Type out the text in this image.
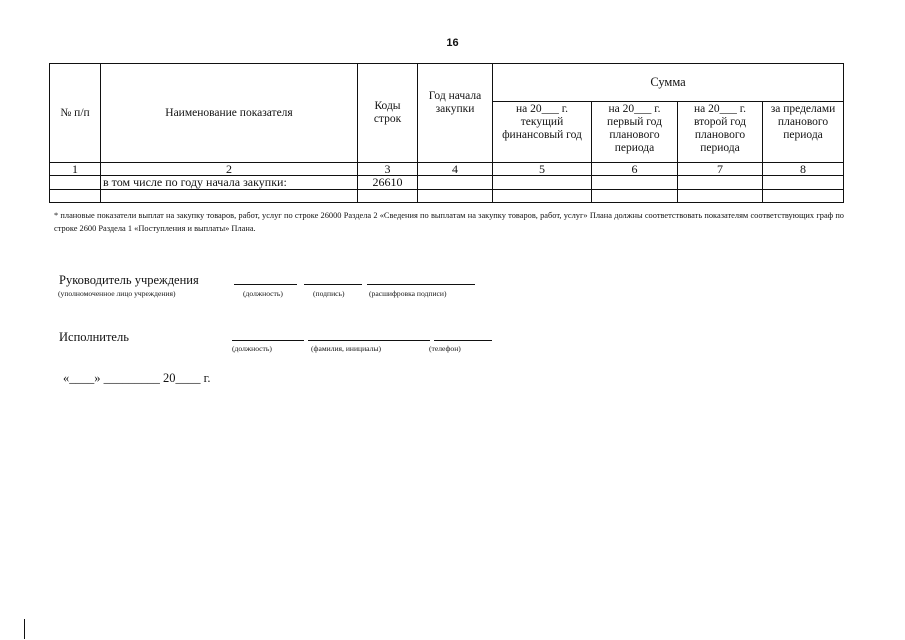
16
№ п/п	Наименование показателя	Коды строк	Год начала закупки	Сумма			
				на 20___ г. текущий финансовый год	на 20___ г. первый год планового периода	на 20___ г. второй год планового периода	за пределами планового периода
1	2	3	4	5	6	7	8
	в том числе по году начала закупки:	26610					

* плановые показатели выплат на закупку товаров, работ, услуг по строке 26000 Раздела 2 «Сведения по выплатам на закупку товаров, работ, услуг» Плана должны соответствовать показателям соответствующих граф по строке 2600 Раздела 1 «Поступления и выплаты» Плана.
Руководитель учреждения
(уполномоченное лицо учреждения)	(должность)	(подпись)	(расшифровка подписи)
Исполнитель
(должность)	(фамилия, инициалы)	(телефон)
«____» _________ 20____ г.
